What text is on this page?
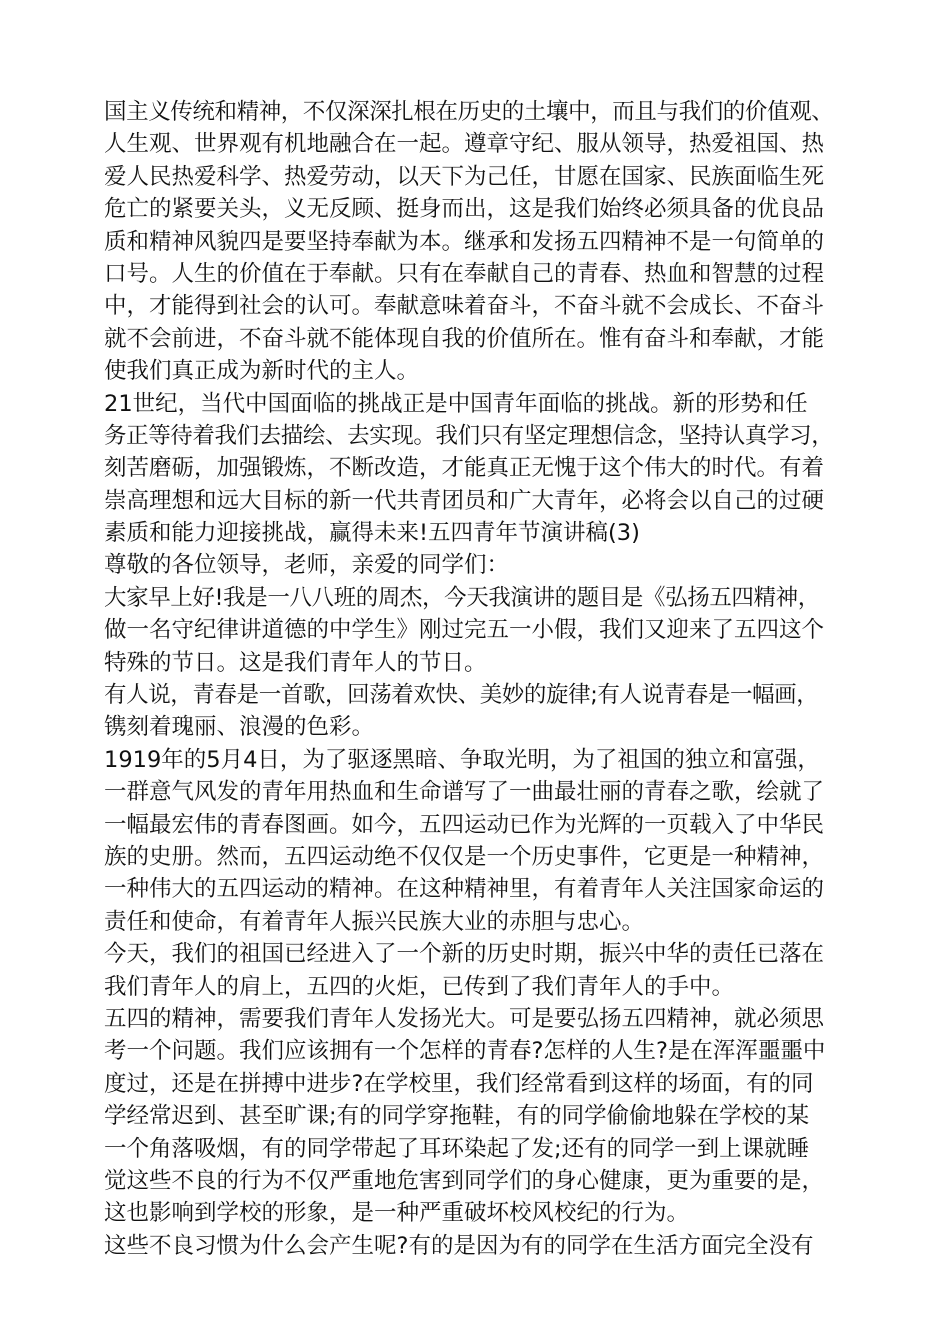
国主义传统和精神，不仅深深扎根在历史的土壤中，而且与我们的价值观、
人生观、世界观有机地融合在一起。遵章守纪、服从领导，热爱祖国、热
爱人民热爱科学、热爱劳动，以天下为己任，甘愿在国家、民族面临生死
危亡的紧要关头，义无反顾、挺身而出，这是我们始终必须具备的优良品
质和精神风貌四是要坚持奉献为本。继承和发扬五四精神不是一句简单的
口号。人生的价值在于奉献。只有在奉献自己的青春、热血和智慧的过程
中，才能得到社会的认可。奉献意味着奋斗，不奋斗就不会成长、不奋斗
就不会前进，不奋斗就不能体现自我的价值所在。惟有奋斗和奉献，才能
使我们真正成为新时代的主人。
21世纪，当代中国面临的挑战正是中国青年面临的挑战。新的形势和任
务正等待着我们去描绘、去实现。我们只有坚定理想信念，坚持认真学习，
刻苦磨砺，加强锻炼，不断改造，才能真正无愧于这个伟大的时代。有着
崇高理想和远大目标的新一代共青团员和广大青年，必将会以自己的过硬
素质和能力迎接挑战，赢得未来!五四青年节演讲稿(3)
尊敬的各位领导，老师，亲爱的同学们：
大家早上好!我是一八八班的周杰，今天我演讲的题目是《弘扬五四精神，
做一名守纪律讲道德的中学生》刚过完五一小假，我们又迎来了五四这个
特殊的节日。这是我们青年人的节日。
有人说，青春是一首歌，回荡着欢快、美妙的旋律;有人说青春是一幅画，
镌刻着瑰丽、浪漫的色彩。
1919年的5月4日，为了驱逐黑暗、争取光明，为了祖国的独立和富强，
一群意气风发的青年用热血和生命谱写了一曲最壮丽的青春之歌，绘就了
一幅最宏伟的青春图画。如今，五四运动已作为光辉的一页载入了中华民
族的史册。然而，五四运动绝不仅仅是一个历史事件，它更是一种精神，
一种伟大的五四运动的精神。在这种精神里，有着青年人关注国家命运的
责任和使命，有着青年人振兴民族大业的赤胆与忠心。
今天，我们的祖国已经进入了一个新的历史时期，振兴中华的责任已落在
我们青年人的肩上，五四的火炬，已传到了我们青年人的手中。
五四的精神，需要我们青年人发扬光大。可是要弘扬五四精神，就必须思
考一个问题。我们应该拥有一个怎样的青春?怎样的人生?是在浑浑噩噩中
度过，还是在拼搏中进步?在学校里，我们经常看到这样的场面，有的同
学经常迟到、甚至旷课;有的同学穿拖鞋，有的同学偷偷地躲在学校的某
一个角落吸烟，有的同学带起了耳环染起了发;还有的同学一到上课就睡
觉这些不良的行为不仅严重地危害到同学们的身心健康，更为重要的是，
这也影响到学校的形象，是一种严重破坏校风校纪的行为。
这些不良习惯为什么会产生呢?有的是因为有的同学在生活方面完全没有
